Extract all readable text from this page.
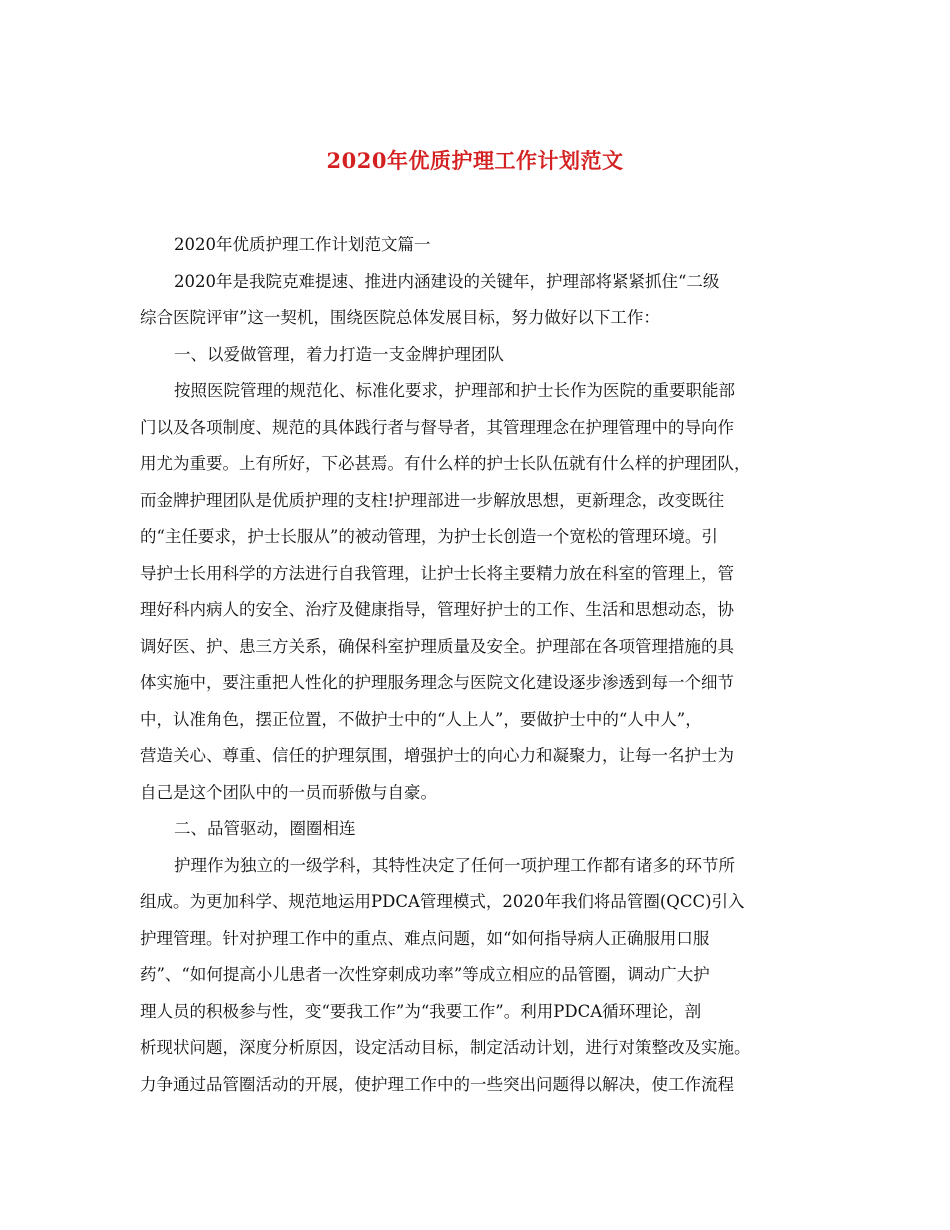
2020年优质护理工作计划范文
2020年优质护理工作计划范文篇一
2020年是我院克难提速、推进内涵建设的关键年，护理部将紧紧抓住“二级
综合医院评审”这一契机，围绕医院总体发展目标，努力做好以下工作：
一、以爱做管理，着力打造一支金牌护理团队
按照医院管理的规范化、标准化要求，护理部和护士长作为医院的重要职能部
门以及各项制度、规范的具体践行者与督导者，其管理理念在护理管理中的导向作
用尤为重要。上有所好，下必甚焉。有什么样的护士长队伍就有什么样的护理团队，
而金牌护理团队是优质护理的支柱!护理部进一步解放思想，更新理念，改变既往
的“主任要求，护士长服从”的被动管理，为护士长创造一个宽松的管理环境。引
导护士长用科学的方法进行自我管理，让护士长将主要精力放在科室的管理上，管
理好科内病人的安全、治疗及健康指导，管理好护士的工作、生活和思想动态，协
调好医、护、患三方关系，确保科室护理质量及安全。护理部在各项管理措施的具
体实施中，要注重把人性化的护理服务理念与医院文化建设逐步渗透到每一个细节
中，认准角色，摆正位置，不做护士中的“人上人”，要做护士中的“人中人”，
营造关心、尊重、信任的护理氛围，增强护士的向心力和凝聚力，让每一名护士为
自己是这个团队中的一员而骄傲与自豪。
二、品管驱动，圈圈相连
护理作为独立的一级学科，其特性决定了任何一项护理工作都有诸多的环节所
组成。为更加科学、规范地运用PDCA管理模式，2020年我们将品管圈(QCC)引入
护理管理。针对护理工作中的重点、难点问题，如“如何指导病人正确服用口服
药”、“如何提高小儿患者一次性穿刺成功率”等成立相应的品管圈，调动广大护
理人员的积极参与性，变“要我工作”为“我要工作”。利用PDCA循环理论，剖
析现状问题，深度分析原因，设定活动目标，制定活动计划，进行对策整改及实施。
力争通过品管圈活动的开展，使护理工作中的一些突出问题得以解决，使工作流程
